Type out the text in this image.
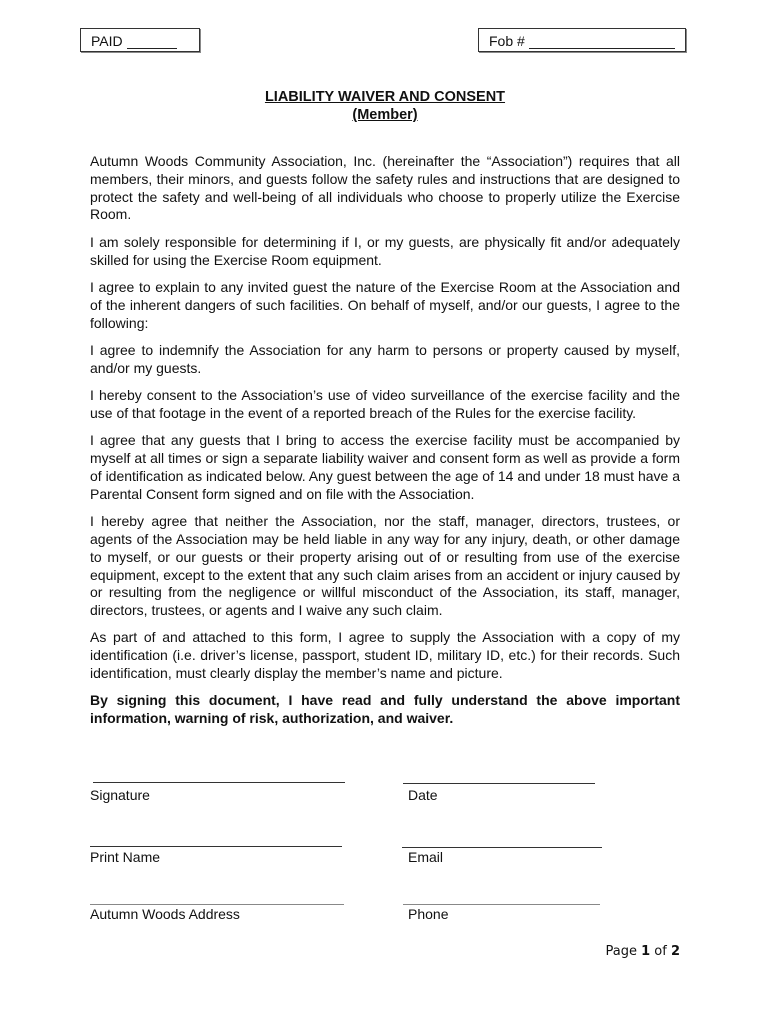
PAID	Fob #
LIABILITY WAIVER AND CONSENT
(Member)

Autumn Woods Community Association, Inc. (hereinafter the “Association”) requires that all members, their minors, and guests follow the safety rules and instructions that are designed to protect the safety and well-being of all individuals who choose to properly utilize the Exercise Room.

I am solely responsible for determining if I, or my guests, are physically fit and/or adequately skilled for using the Exercise Room equipment.

I agree to explain to any invited guest the nature of the Exercise Room at the Association and of the inherent dangers of such facilities. On behalf of myself, and/or our guests, I agree to the following:

I agree to indemnify the Association for any harm to persons or property caused by myself, and/or my guests.

I hereby consent to the Association’s use of video surveillance of the exercise facility and the use of that footage in the event of a reported breach of the Rules for the exercise facility.

I agree that any guests that I bring to access the exercise facility must be accompanied by myself at all times or sign a separate liability waiver and consent form as well as provide a form of identification as indicated below. Any guest between the age of 14 and under 18 must have a Parental Consent form signed and on file with the Association.

I hereby agree that neither the Association, nor the staff, manager, directors, trustees, or agents of the Association may be held liable in any way for any injury, death, or other damage to myself, or our guests or their property arising out of or resulting from use of the exercise equipment, except to the extent that any such claim arises from an accident or injury caused by or resulting from the negligence or willful misconduct of the Association, its staff, manager, directors, trustees, or agents and I waive any such claim.

As part of and attached to this form, I agree to supply the Association with a copy of my identification (i.e. driver’s license, passport, student ID, military ID, etc.) for their records. Such identification, must clearly display the member’s name and picture.

By signing this document, I have read and fully understand the above important information, warning of risk, authorization, and waiver.

Signature	Date
Print Name	Email
Autumn Woods Address	Phone
Page 1 of 2
